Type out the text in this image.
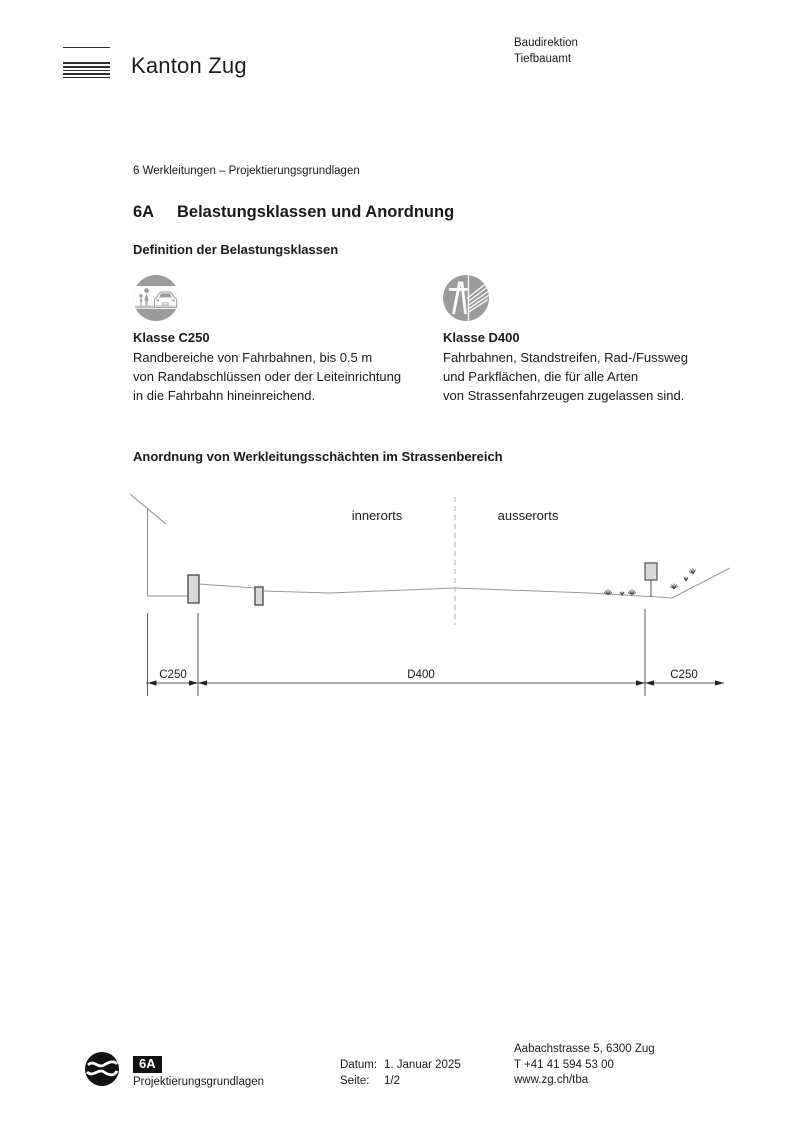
Kanton Zug
Baudirektion
Tiefbauamt
6 Werkleitungen – Projektierungsgrundlagen
6A Belastungsklassen und Anordnung
Definition der Belastungsklassen
Klasse C250
Randbereiche von Fahrbahnen, bis 0.5 m
von Randabschlüssen oder der Leiteinrichtung
in die Fahrbahn hineinreichend.
Klasse D400
Fahrbahnen, Standstreifen, Rad-/Fussweg
und Parkflächen, die für alle Arten
von Strassenfahrzeugen zugelassen sind.
Anordnung von Werkleitungsschächten im Strassenbereich
innerorts	ausserorts
C250	D400	C250
6A
Projektierungsgrundlagen
Datum: 1. Januar 2025
Seite: 1/2
Aabachstrasse 5, 6300 Zug
T +41 41 594 53 00
www.zg.ch/tba
